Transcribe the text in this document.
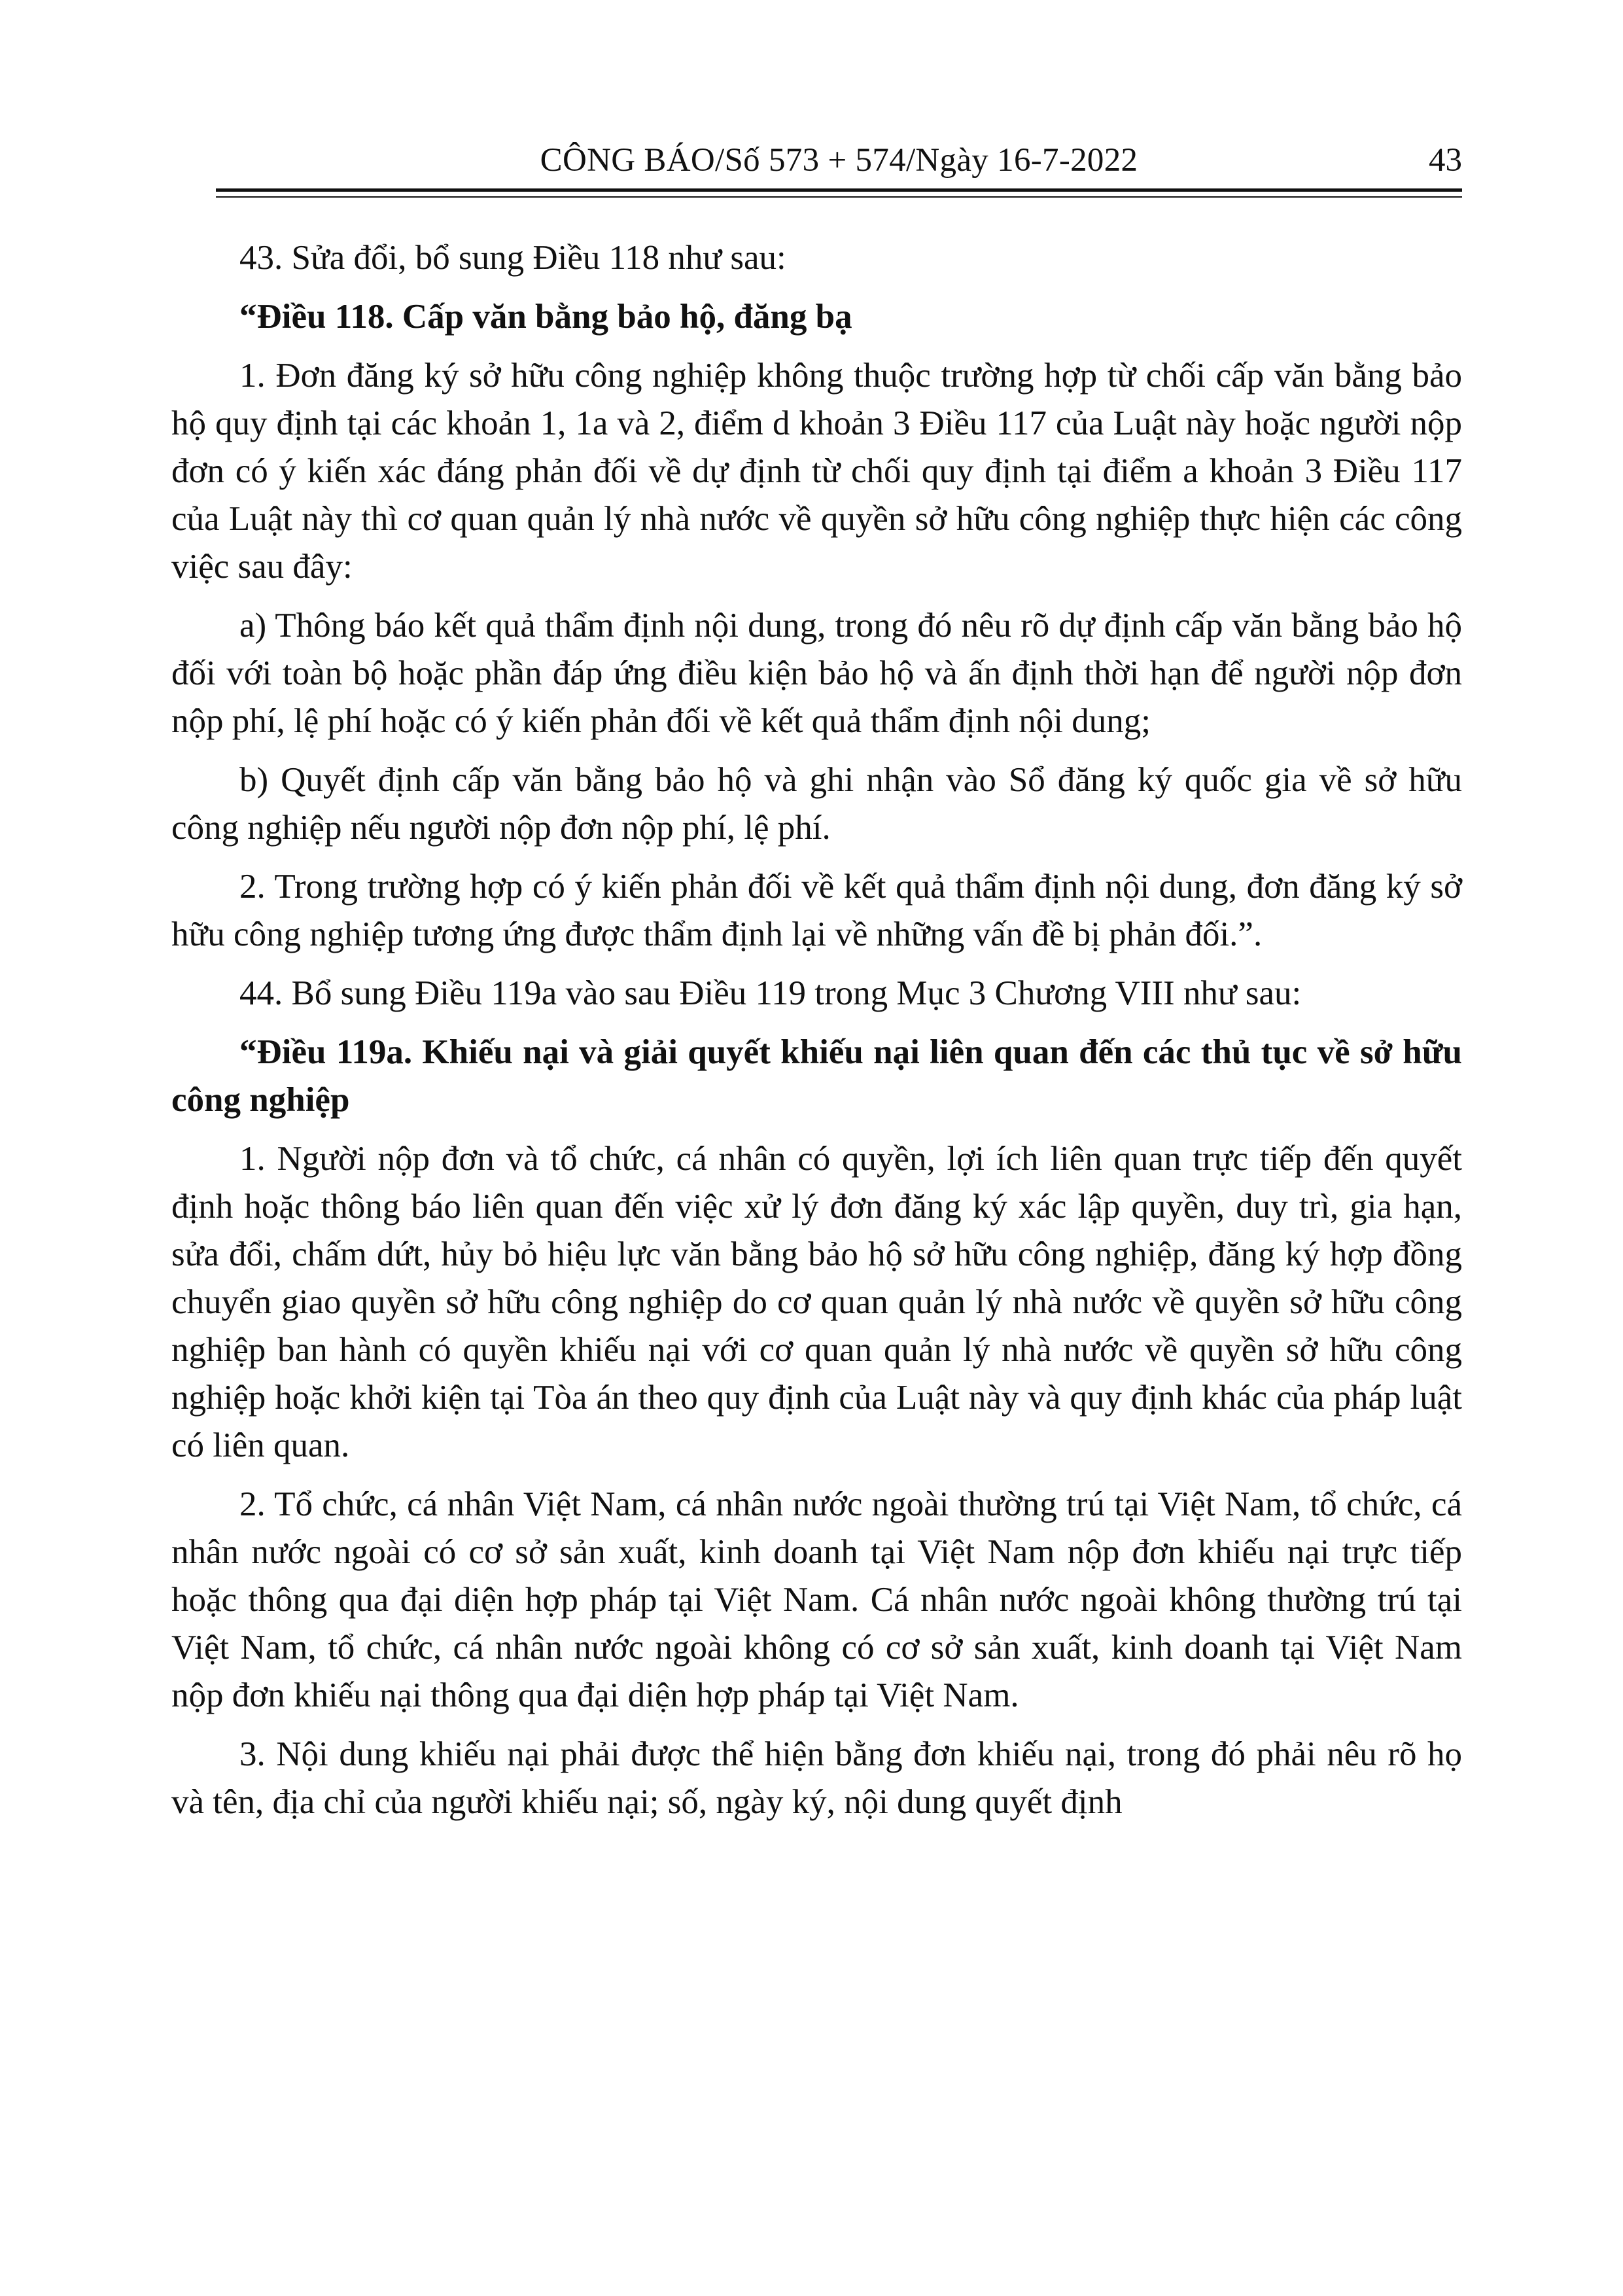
CÔNG BÁO/Số 573 + 574/Ngày 16-7-2022	43

43. Sửa đổi, bổ sung Điều 118 như sau:

“Điều 118. Cấp văn bằng bảo hộ, đăng bạ

1. Đơn đăng ký sở hữu công nghiệp không thuộc trường hợp từ chối cấp văn bằng bảo hộ quy định tại các khoản 1, 1a và 2, điểm d khoản 3 Điều 117 của Luật này hoặc người nộp đơn có ý kiến xác đáng phản đối về dự định từ chối quy định tại điểm a khoản 3 Điều 117 của Luật này thì cơ quan quản lý nhà nước về quyền sở hữu công nghiệp thực hiện các công việc sau đây:

a) Thông báo kết quả thẩm định nội dung, trong đó nêu rõ dự định cấp văn bằng bảo hộ đối với toàn bộ hoặc phần đáp ứng điều kiện bảo hộ và ấn định thời hạn để người nộp đơn nộp phí, lệ phí hoặc có ý kiến phản đối về kết quả thẩm định nội dung;

b) Quyết định cấp văn bằng bảo hộ và ghi nhận vào Sổ đăng ký quốc gia về sở hữu công nghiệp nếu người nộp đơn nộp phí, lệ phí.

2. Trong trường hợp có ý kiến phản đối về kết quả thẩm định nội dung, đơn đăng ký sở hữu công nghiệp tương ứng được thẩm định lại về những vấn đề bị phản đối.”.

44. Bổ sung Điều 119a vào sau Điều 119 trong Mục 3 Chương VIII như sau:

“Điều 119a. Khiếu nại và giải quyết khiếu nại liên quan đến các thủ tục về sở hữu công nghiệp

1. Người nộp đơn và tổ chức, cá nhân có quyền, lợi ích liên quan trực tiếp đến quyết định hoặc thông báo liên quan đến việc xử lý đơn đăng ký xác lập quyền, duy trì, gia hạn, sửa đổi, chấm dứt, hủy bỏ hiệu lực văn bằng bảo hộ sở hữu công nghiệp, đăng ký hợp đồng chuyển giao quyền sở hữu công nghiệp do cơ quan quản lý nhà nước về quyền sở hữu công nghiệp ban hành có quyền khiếu nại với cơ quan quản lý nhà nước về quyền sở hữu công nghiệp hoặc khởi kiện tại Tòa án theo quy định của Luật này và quy định khác của pháp luật có liên quan.

2. Tổ chức, cá nhân Việt Nam, cá nhân nước ngoài thường trú tại Việt Nam, tổ chức, cá nhân nước ngoài có cơ sở sản xuất, kinh doanh tại Việt Nam nộp đơn khiếu nại trực tiếp hoặc thông qua đại diện hợp pháp tại Việt Nam. Cá nhân nước ngoài không thường trú tại Việt Nam, tổ chức, cá nhân nước ngoài không có cơ sở sản xuất, kinh doanh tại Việt Nam nộp đơn khiếu nại thông qua đại diện hợp pháp tại Việt Nam.

3. Nội dung khiếu nại phải được thể hiện bằng đơn khiếu nại, trong đó phải nêu rõ họ và tên, địa chỉ của người khiếu nại; số, ngày ký, nội dung quyết định
